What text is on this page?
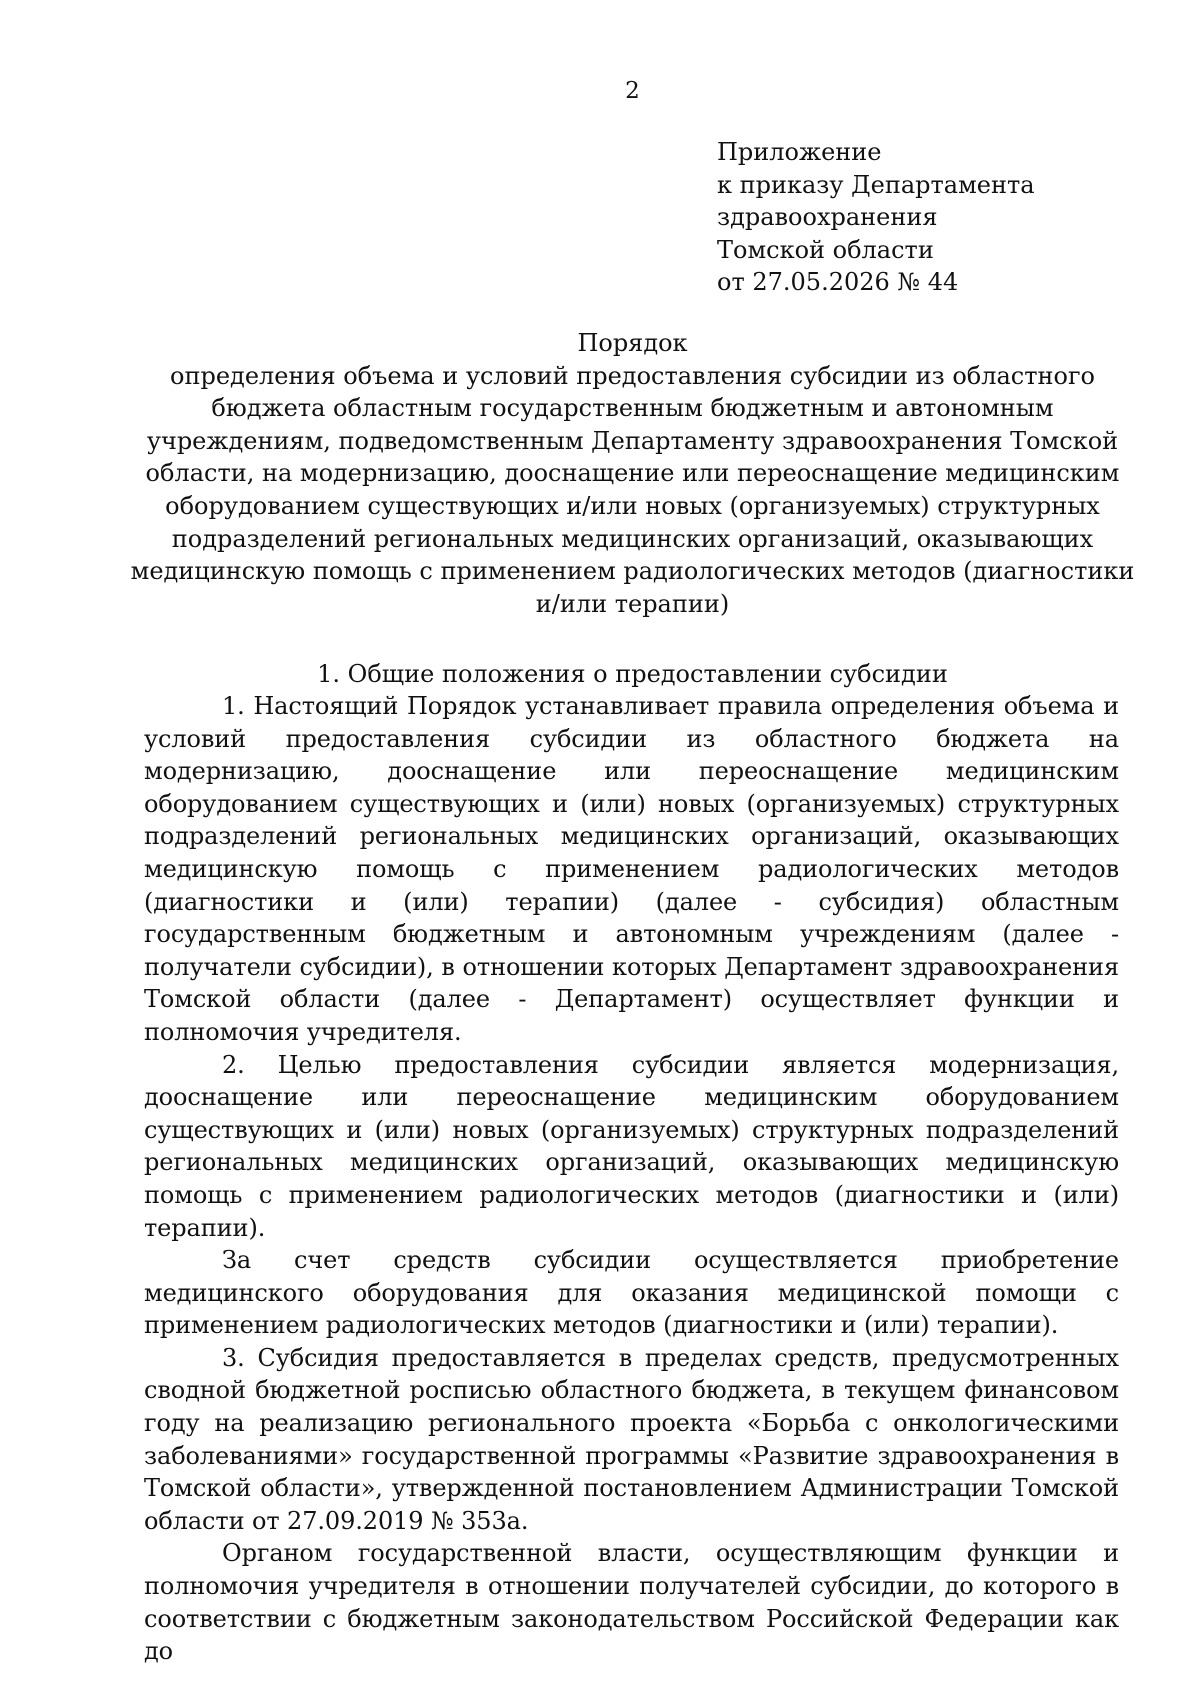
2
Приложение
к приказу Департамента
здравоохранения
Томской области
от 27.05.2026 № 44
Порядок
определения объема и условий предоставления субсидии из областного
бюджета областным государственным бюджетным и автономным
учреждениям, подведомственным Департаменту здравоохранения Томской
области, на модернизацию, дооснащение или переоснащение медицинским
оборудованием существующих и/или новых (организуемых) структурных
подразделений региональных медицинских организаций, оказывающих
медицинскую помощь с применением радиологических методов (диагностики
и/или терапии)
1. Общие положения о предоставлении субсидии

1. Настоящий Порядок устанавливает правила определения объема и условий предоставления субсидии из областного бюджета на модернизацию, дооснащение или переоснащение медицинским оборудованием существующих и (или) новых (организуемых) структурных подразделений региональных медицинских организаций, оказывающих медицинскую помощь с применением радиологических методов (диагностики и (или) терапии) (далее - субсидия) областным государственным бюджетным и автономным учреждениям (далее - получатели субсидии), в отношении которых Департамент здравоохранения Томской области (далее - Департамент) осуществляет функции и полномочия учредителя.

2. Целью предоставления субсидии является модернизация, дооснащение или переоснащение медицинским оборудованием существующих и (или) новых (организуемых) структурных подразделений региональных медицинских организаций, оказывающих медицинскую помощь с применением радиологических методов (диагностики и (или) терапии).

За счет средств субсидии осуществляется приобретение медицинского оборудования для оказания медицинской помощи с применением радиологических методов (диагностики и (или) терапии).

3. Субсидия предоставляется в пределах средств, предусмотренных сводной бюджетной росписью областного бюджета, в текущем финансовом году на реализацию регионального проекта «Борьба с онкологическими заболеваниями» государственной программы «Развитие здравоохранения в Томской области», утвержденной постановлением Администрации Томской области от 27.09.2019 № 353а.

Органом государственной власти, осуществляющим функции и полномочия учредителя в отношении получателей субсидии, до которого в соответствии с бюджетным законодательством Российской Федерации как до
